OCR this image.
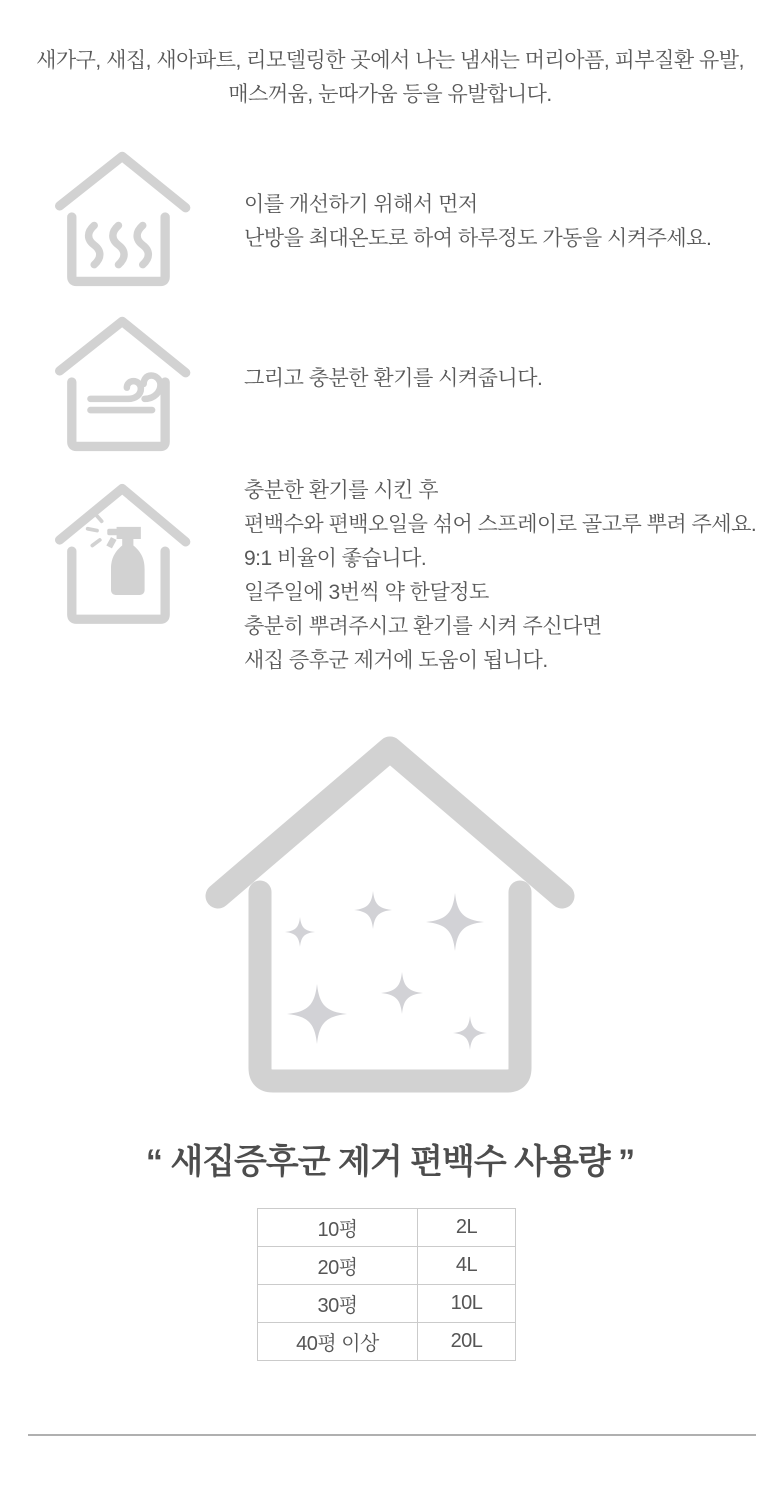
새가구, 새집, 새아파트, 리모델링한 곳에서 나는 냄새는 머리아픔, 피부질환 유발,
매스꺼움, 눈따가움 등을 유발합니다.
이를 개선하기 위해서 먼저
난방을 최대온도로 하여 하루정도 가동을 시켜주세요.
그리고 충분한 환기를 시켜줍니다.
충분한 환기를 시킨 후
편백수와 편백오일을 섞어 스프레이로 골고루 뿌려 주세요.
9:1 비율이 좋습니다.
일주일에 3번씩 약 한달정도
충분히 뿌려주시고 환기를 시켜 주신다면
새집 증후군 제거에 도움이 됩니다.
“ 새집증후군 제거 편백수 사용량 ”
10평	2L
20평	4L
30평	10L
40평 이상	20L
